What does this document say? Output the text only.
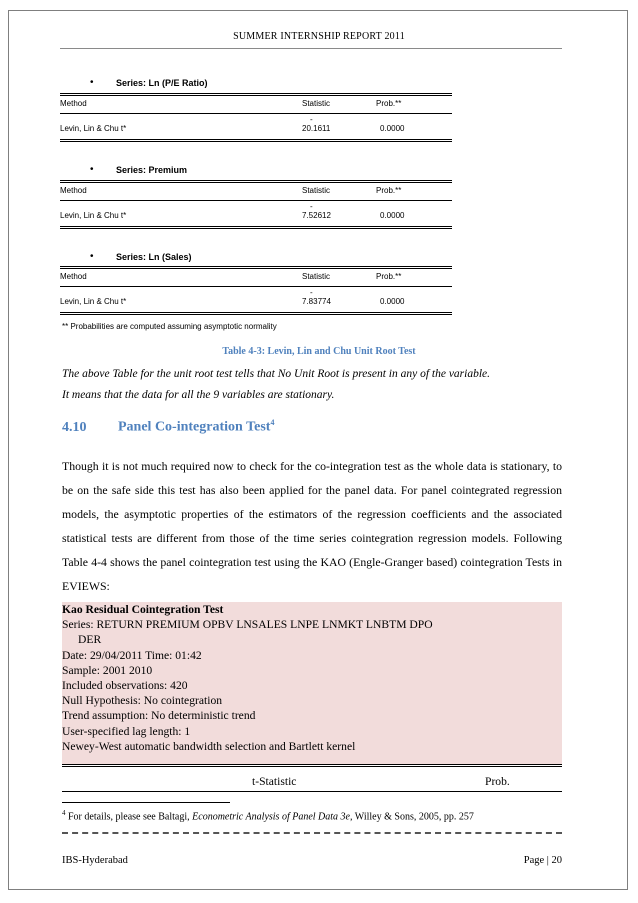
SUMMER INTERNSHIP REPORT 2011
• Series: Ln (P/E Ratio)
Method	Statistic	Prob.**
-
Levin, Lin & Chu t*	20.1611	0.0000
• Series: Premium
Method	Statistic	Prob.**
-
Levin, Lin & Chu t*	7.52612	0.0000
• Series: Ln (Sales)
Method	Statistic	Prob.**
-
Levin, Lin & Chu t*	7.83774	0.0000
** Probabilities are computed assuming asymptotic normality
Table 4-3: Levin, Lin and Chu Unit Root Test
The above Table for the unit root test tells that No Unit Root is present in any of the variable.
It means that the data for all the 9 variables are stationary.
4.10 Panel Co-integration Test$^4$
Though it is not much required now to check for the co-integration test as the whole data is stationary, to be on the safe side this test has also been applied for the panel data. For panel cointegrated regression models, the asymptotic properties of the estimators of the regression coefficients and the associated statistical tests are different from those of the time series cointegration regression models. Following Table 4-4 shows the panel cointegration test using the KAO (Engle-Granger based) cointegration Tests in EVIEWS:
Kao Residual Cointegration Test
Series: RETURN PREMIUM OPBV LNSALES LNPE LNMKT LNBTM DPO
DER
Date: 29/04/2011 Time: 01:42
Sample: 2001 2010
Included observations: 420
Null Hypothesis: No cointegration
Trend assumption: No deterministic trend
User-specified lag length: 1
Newey-West automatic bandwidth selection and Bartlett kernel
t-Statistic	Prob.
$^4$ For details, please see Baltagi, Econometric Analysis of Panel Data 3e, Willey & Sons, 2005, pp. 257
IBS-Hyderabad	Page | 20
